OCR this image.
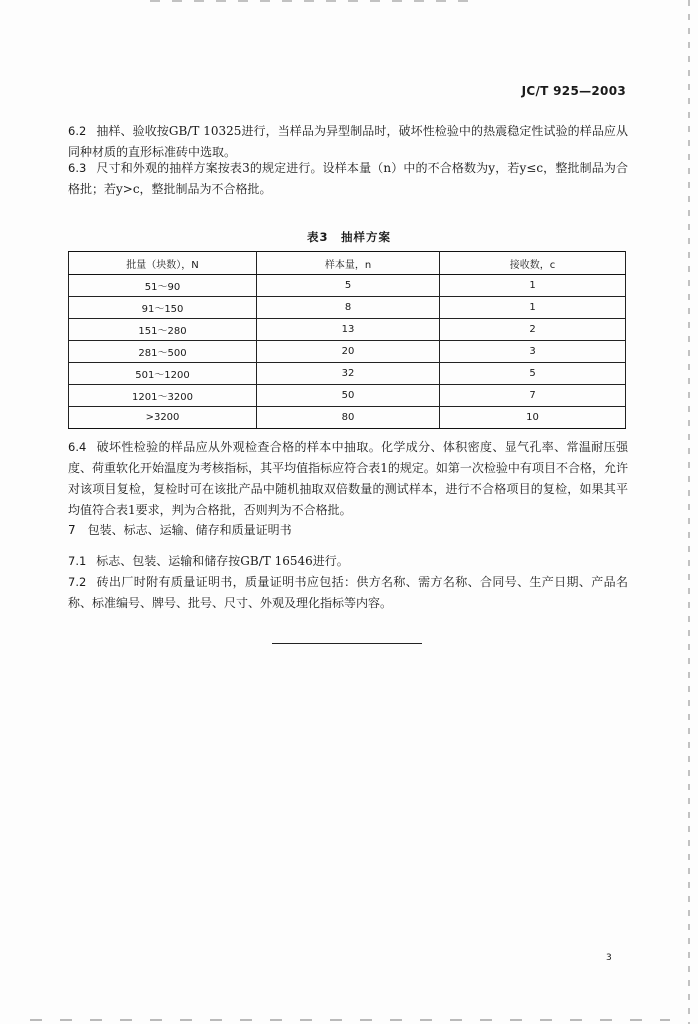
JC/T 925—2003
6.2 抽样、验收按GB/T 10325进行，当样品为异型制品时，破坏性检验中的热震稳定性试验的样品应从同种材质的直形标准砖中选取。
6.3 尺寸和外观的抽样方案按表3的规定进行。设样本量（n）中的不合格数为y，若y≤c，整批制品为合格批；若y>c，整批制品为不合格批。
表3　抽样方案
批量（块数），N	样本量，n	接收数，c
51～90	5	1
91～150	8	1
151～280	13	2
281～500	20	3
501～1200	32	5
1201～3200	50	7
>3200	80	10
6.4 破坏性检验的样品应从外观检查合格的样本中抽取。化学成分、体积密度、显气孔率、常温耐压强度、荷重软化开始温度为考核指标，其平均值指标应符合表1的规定。如第一次检验中有项目不合格，允许对该项目复检，复检时可在该批产品中随机抽取双倍数量的测试样本，进行不合格项目的复检，如果其平均值符合表1要求，判为合格批，否则判为不合格批。
7 包装、标志、运输、储存和质量证明书
7.1 标志、包装、运输和储存按GB/T 16546进行。
7.2 砖出厂时附有质量证明书，质量证明书应包括：供方名称、需方名称、合同号、生产日期、产品名称、标准编号、牌号、批号、尺寸、外观及理化指标等内容。
3
